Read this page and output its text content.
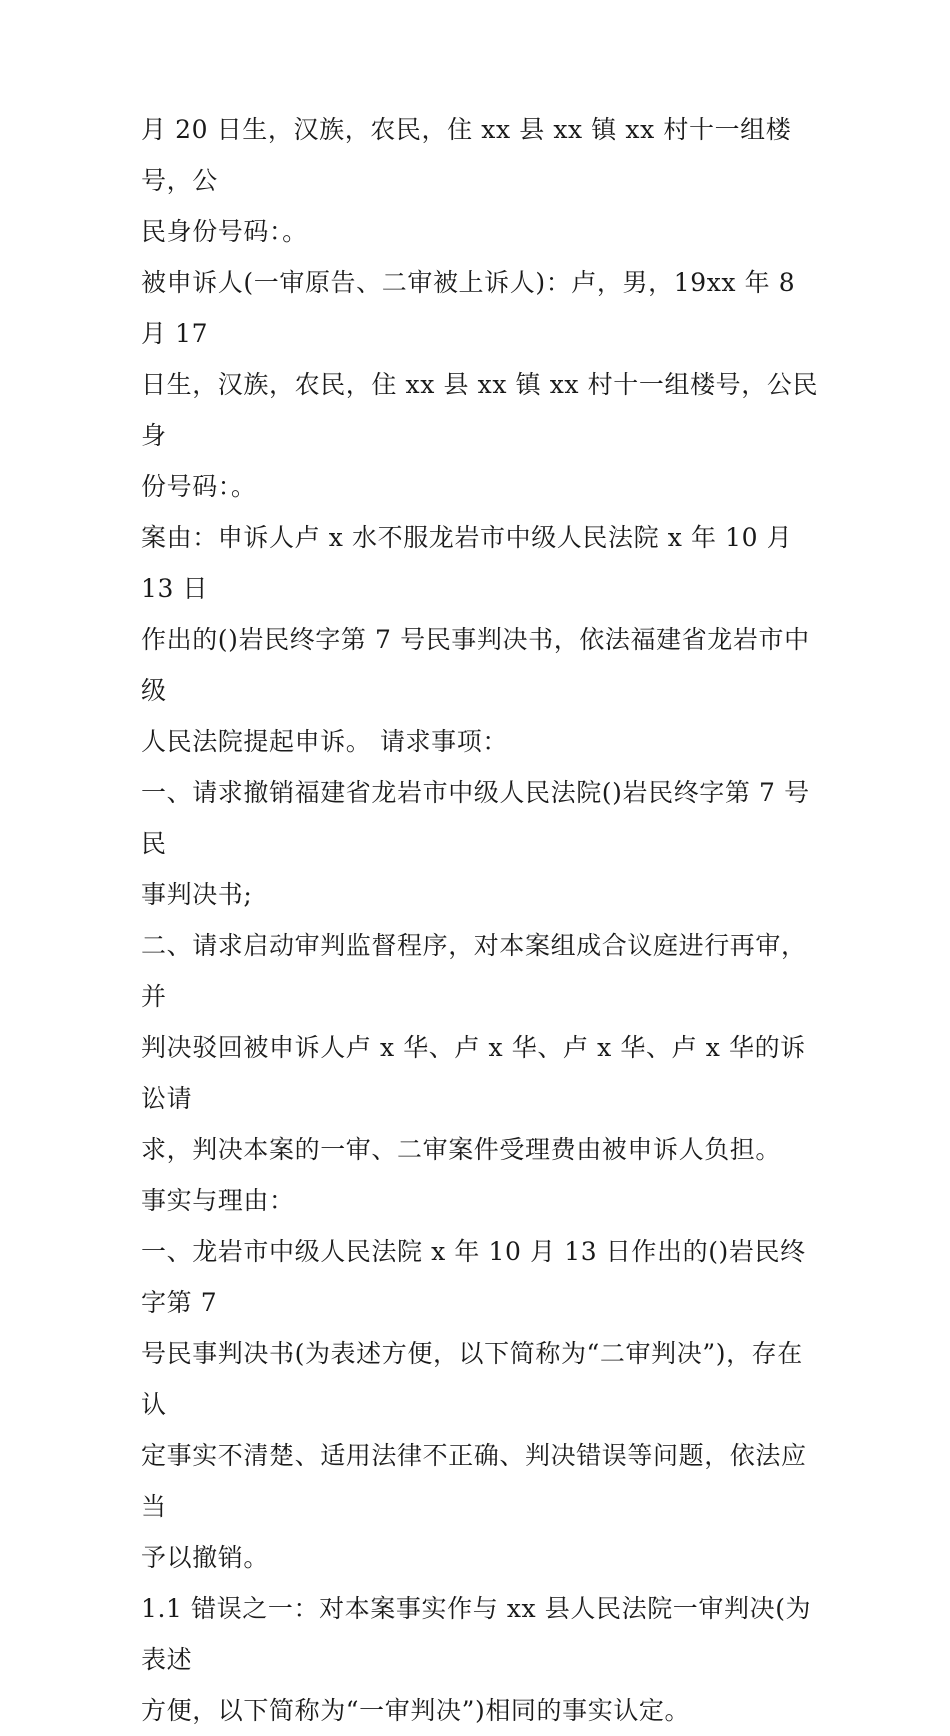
月 20 日生，汉族，农民，住 xx 县 xx 镇 xx 村十一组楼号，公

民身份号码：。

被申诉人(一审原告、二审被上诉人)：卢，男，19xx 年 8 月 17

日生，汉族，农民，住 xx 县 xx 镇 xx 村十一组楼号，公民身

份号码：。

案由：申诉人卢 x 水不服龙岩市中级人民法院 x 年 10 月 13 日

作出的()岩民终字第 7 号民事判决书，依法福建省龙岩市中级

人民法院提起申诉。 请求事项：

一、请求撤销福建省龙岩市中级人民法院()岩民终字第 7 号民

事判决书;

二、请求启动审判监督程序，对本案组成合议庭进行再审，并

判决驳回被申诉人卢 x 华、卢 x 华、卢 x 华、卢 x 华的诉讼请

求，判决本案的一审、二审案件受理费由被申诉人负担。

事实与理由：

一、龙岩市中级人民法院 x 年 10 月 13 日作出的()岩民终字第 7

号民事判决书(为表述方便，以下简称为“二审判决”)，存在认

定事实不清楚、适用法律不正确、判决错误等问题，依法应当

予以撤销。

1.1 错误之一：对本案事实作与 xx 县人民法院一审判决(为表述

方便，以下简称为“一审判决”)相同的事实认定。
